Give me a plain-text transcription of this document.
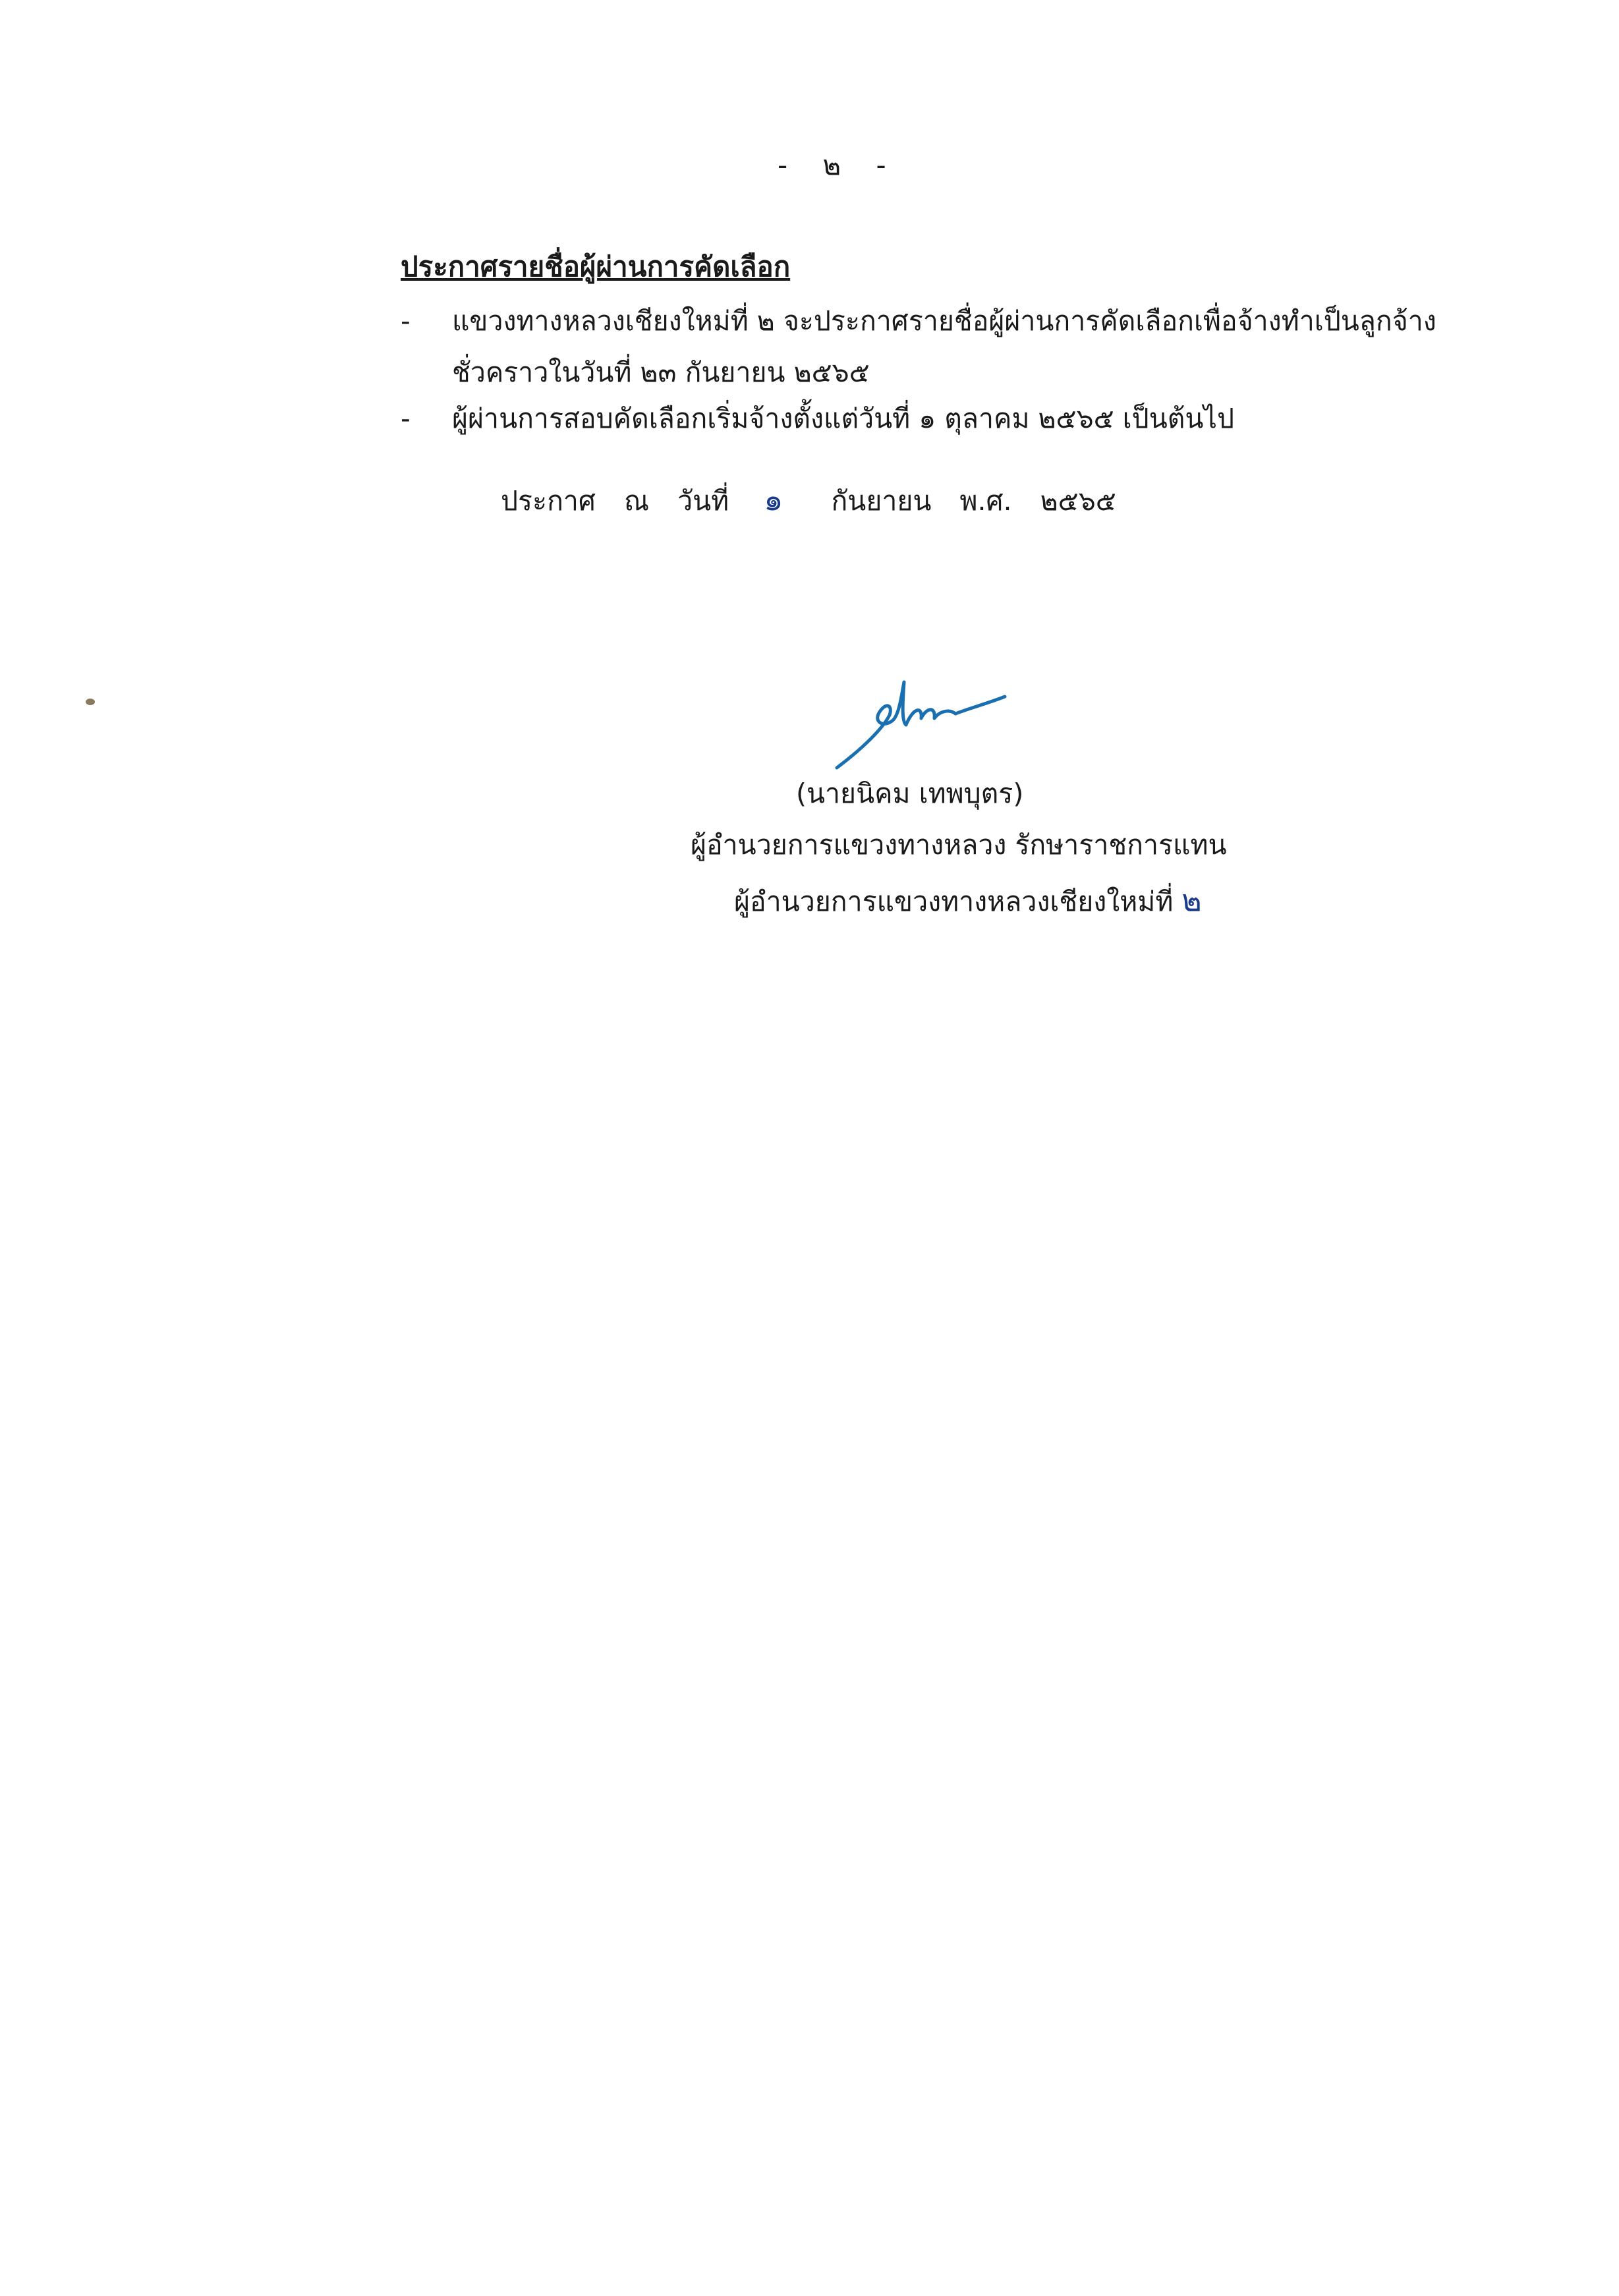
- ๒ -
ประกาศรายชื่อผู้ผ่านการคัดเลือก
- แขวงทางหลวงเชียงใหม่ที่ ๒ จะประกาศรายชื่อผู้ผ่านการคัดเลือกเพื่อจ้างทำเป็นลูกจ้าง
ชั่วคราวในวันที่ ๒๓ กันยายน ๒๕๖๕
- ผู้ผ่านการสอบคัดเลือกเริ่มจ้างตั้งแต่วันที่ ๑ ตุลาคม ๒๕๖๕ เป็นต้นไป
ประกาศ ณ วันที่ ๑ กันยายน พ.ศ. ๒๕๖๕
(นายนิคม เทพบุตร)
ผู้อำนวยการแขวงทางหลวง รักษาราชการแทน
ผู้อำนวยการแขวงทางหลวงเชียงใหม่ที่ ๒
